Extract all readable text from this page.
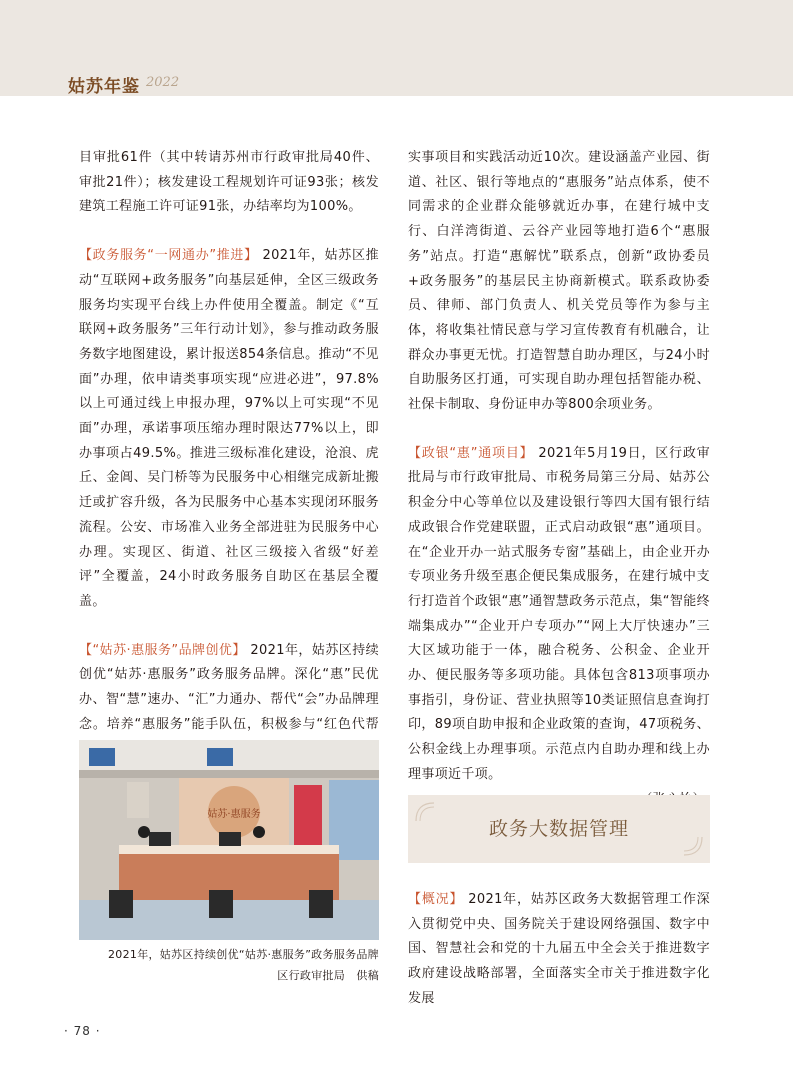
姑苏年鉴 2022

目审批61件（其中转请苏州市行政审批局40件、审批21件）；核发建设工程规划许可证93张；核发建筑工程施工许可证91张，办结率均为100%。

【政务服务“一网通办”推进】 2021年，姑苏区推动“互联网+政务服务”向基层延伸，全区三级政务服务均实现平台线上办件使用全覆盖。制定《“互联网+政务服务”三年行动计划》，参与推动政务服务数字地图建设，累计报送854条信息。推动“不见面”办理，依申请类事项实现“应进必进”，97.8%以上可通过线上申报办理，97%以上可实现“不见面”办理，承诺事项压缩办理时限达77%以上，即办事项占49.5%。推进三级标准化建设，沧浪、虎丘、金阊、吴门桥等为民服务中心相继完成新址搬迁或扩容升级，各为民服务中心基本实现闭环服务流程。公安、市场准入业务全部进驻为民服务中心办理。实现区、街道、社区三级接入省级“好差评”全覆盖，24小时政务服务自助区在基层全覆盖。

【“姑苏·惠服务”品牌创优】 2021年，姑苏区持续创优“姑苏·惠服务”政务服务品牌。深化“惠”民优办、智“慧”速办、“汇”力通办、帮代“会”办品牌理念。培养“惠服务”能手队伍，积极参与“红色代帮　

姑苏·惠服务
2021年，姑苏区持续创优“姑苏·惠服务”政务服务品牌
区行政审批局　供稿

实事项目和实践活动近10次。建设涵盖产业园、街道、社区、银行等地点的“惠服务”站点体系，使不同需求的企业群众能够就近办事，在建行城中支行、白洋湾街道、云谷产业园等地打造6个“惠服务”站点。打造“惠解忧”联系点，创新“政协委员+政务服务”的基层民主协商新模式。联系政协委员、律师、部门负责人、机关党员等作为参与主体，将收集社情民意与学习宣传教育有机融合，让群众办事更无忧。打造智慧自助办理区，与24小时自助服务区打通，可实现自助办理包括智能办税、社保卡制取、身份证申办等800余项业务。

【政银“惠”通项目】 2021年5月19日，区行政审批局与市行政审批局、市税务局第三分局、姑苏公积金分中心等单位以及建设银行等四大国有银行结成政银合作党建联盟，正式启动政银“惠”通项目。在“企业开办一站式服务专窗”基础上，由企业开办专项业务升级至惠企便民集成服务，在建行城中支行打造首个政银“惠”通智慧政务示范点，集“智能终端集成办”“企业开户专项办”“网上大厅快速办”三大区域功能于一体，融合税务、公积金、企业开办、便民服务等多项功能。具体包含813项事项办事指引，身份证、营业执照等10类证照信息查询打印，89项自助申报和企业政策的查询，47项税务、公积金线上办理事项。示范点内自助办理和线上办理事项近千项。

政务大数据管理

【概况】 2021年，姑苏区政务大数据管理工作深入贯彻党中央、国务院关于建设网络强国、数字中国、智慧社会和党的十九届五中全会关于推进数字政府建设战略部署，全面落实全市关于推进数字化发展

· 78 ·
